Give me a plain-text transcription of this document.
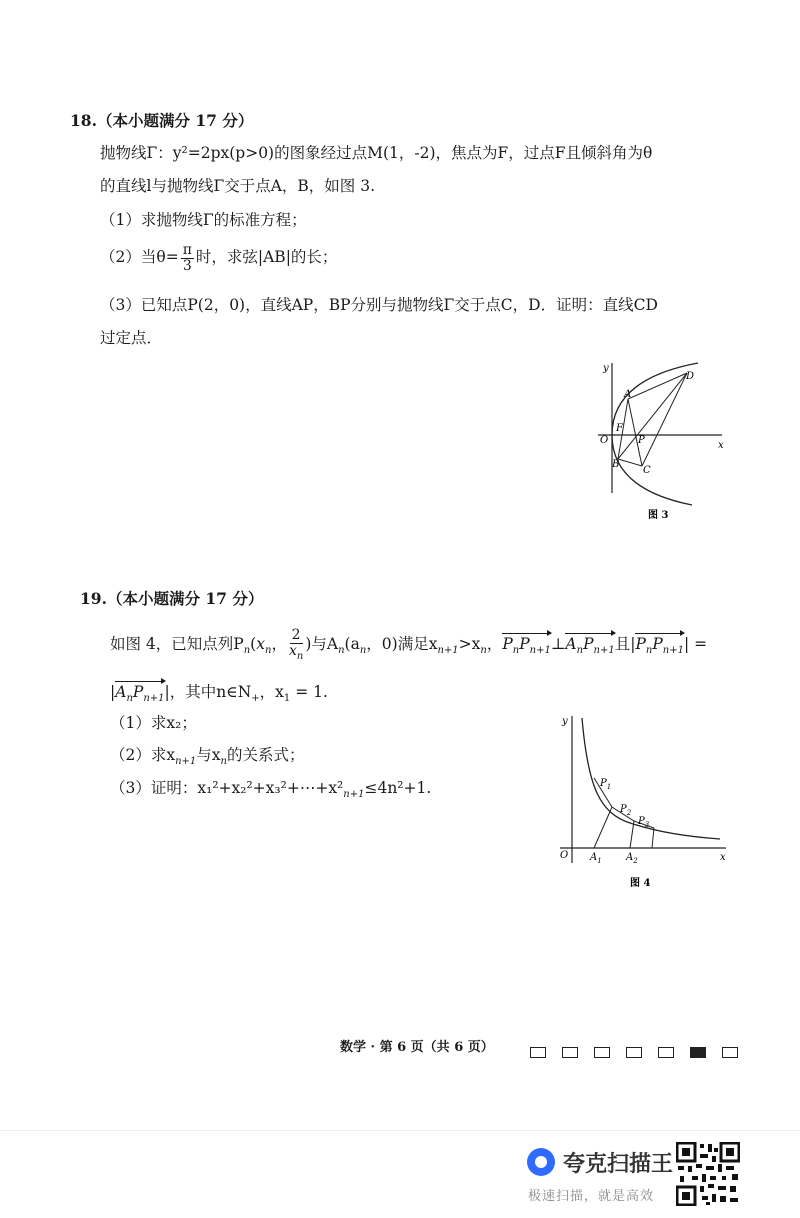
18.（本小题满分 17 分）
抛物线Γ：y²=2px(p>0)的图象经过点M(1，-2)，焦点为F，过点F且倾斜角为θ
的直线l与抛物线Γ交于点A，B，如图 3.
（1）求抛物线Γ的标准方程；
（2）当$\theta= \frac{\pi}{3}$ 时，求弦|AB|的长；
（3）已知点P(2，0)，直线AP，BP分别与抛物线Γ交于点C，D．证明：直线CD
过定点．
y
x
O
F
P
A
B
C
D
图 3
19.（本小题满分 17 分）
如图 4，已知点列$P_n(x_n$， $\frac{2}{x_n}$ )与$A_n(a_n$，0)满足$x_{n+1}>x_n$，$P_nP_{n+1}\perp A_nP_{n+1}$且$|P_nP_{n+1}|$ =
$|A_nP_{n+1}|$，其中$n\in N_+$，$x_1 = 1$.
（1）求x₂；
（2）求$x_{n+1}$与$x_n$的关系式；
（3）证明：$x_1^2+x_2^2+x_3^2+\cdots+x^2_{n+1}\le 4n^2+1$.
y
x
O
$P_1$
$P_2$
$P_3$
$A_1$ $A_2$
图 4
数学 · 第 6 页（共 6 页）
夸克扫描王
极速扫描，就是高效
